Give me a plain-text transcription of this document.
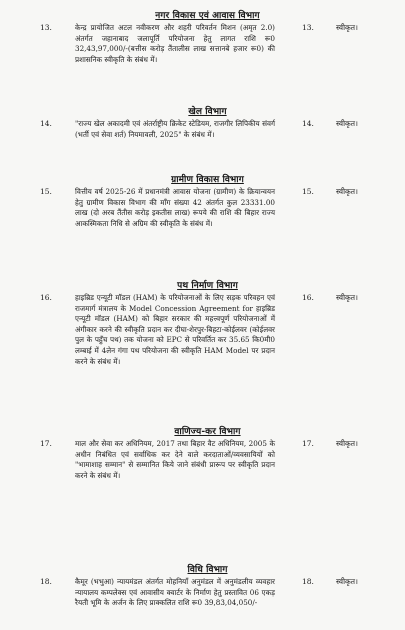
नगर विकास एवं आवास विभाग
13.	केन्द्र प्रायोजित अटल नवीकरण और शहरी परिवर्तन मिशन (अमृत 2.0) अंतर्गत जहानाबाद जलापूर्ति परियोजना हेतु लागत राशि रू0 32,43,97,000/-(बत्तीस करोड़ तैंतालीस लाख सत्तानबे हजार रू0) की प्रशासनिक स्वीकृति के संबंध में।
13.	स्वीकृत।
खेल विभाग
14.	"राज्य खेल अकादमी एवं अंतर्राष्ट्रीय क्रिकेट स्टेडियम, राजगीर लिपिकीय संवर्ग (भर्ती एवं सेवा शर्त) नियमावली, 2025" के संबंध में।
14.	स्वीकृत।
ग्रामीण विकास विभाग
15.	वित्तीय वर्ष 2025-26 में प्रधानमंत्री आवास योजना (ग्रामीण) के क्रियान्वयन हेतु ग्रामीण विकास विभाग की माँग संख्या 42 अंतर्गत कुल 23331.00 लाख (दो अरब तैंतीस करोड़ इकतीस लाख) रूपये की राशि की बिहार राज्य आकस्मिकता निधि से अग्रिम की स्वीकृति के संबंध में।
15.	स्वीकृत।
पथ निर्माण विभाग
16.	हाइब्रिड एन्यूटी मॉडल (HAM) के परियोजनाओं के लिए सड़क परिवहन एवं राजमार्ग मंत्रालय के Model Concession Agreement for हाइब्रिड एन्यूटी मॉडल (HAM) को बिहार सरकार की महत्त्वपूर्ण परियोजनाओं में अंगीकार करने की स्वीकृति प्रदान कर दीघा-शेरपुर-बिहटा-कोईलवर (कोईलवर पुल के पहुँच पथ) तक योजना को EPC से परिवर्तित कर 35.65 कि0मी0 लम्बाई में 4लेन गंगा पथ परियोजना की स्वीकृति HAM Model पर प्रदान करने के संबंध में।
16.	स्वीकृत।
वाणिज्य-कर विभाग
17.	माल और सेवा कर अधिनियम, 2017 तथा बिहार वैट अधिनियम, 2005 के अधीन निबंधित एवं सर्वाधिक कर देने वाले करदाताओं/व्यवसायियों को "भामाशाह सम्मान" से सम्मानित किये जाने संबंधी प्रारूप पर स्वीकृति प्रदान करने के संबंध में।
17.	स्वीकृत।
विधि विभाग
18.	कैमूर (भभुआ) न्यायमंडल अंतर्गत मोहनियाँ अनुमंडल में अनुमंडलीय व्यवहार न्यायालय कम्पलेक्स एवं आवासीय क्वार्टर के निर्माण हेतु प्रस्तावित 06 एकड़ रैयती भूमि के अर्जन के लिए प्राक्कलित राशि रू0 39,83,04,050/-
18.	स्वीकृत।
